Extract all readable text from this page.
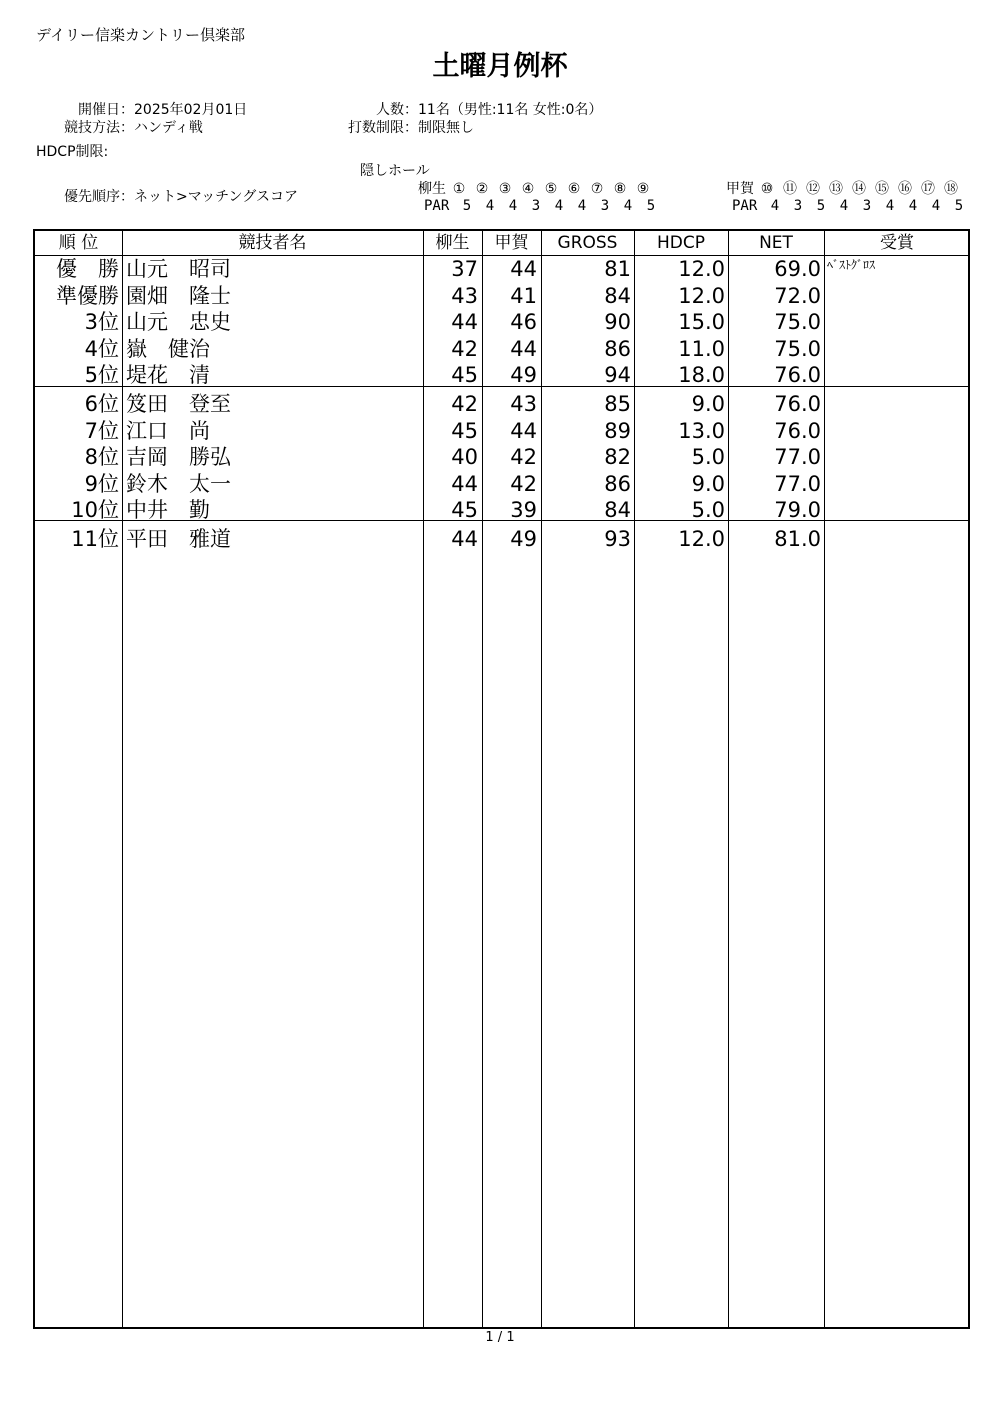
デイリー信楽カントリー倶楽部
土曜月例杯
開催日：2025年02月01日
競技方法：ハンディ戦
HDCP制限:
優先順序：ネット>マッチングスコア
人数：11名（男性:11名 女性:0名）
打数制限：制限無し
隠しホール
柳生 ① ② ③ ④ ⑤ ⑥ ⑦ ⑧ ⑨
PAR 5 4 4 3 4 4 3 4 5
甲賀 ⑩ ⑪ ⑫ ⑬ ⑭ ⑮ ⑯ ⑰ ⑱
PAR 4 3 5 4 3 4 4 4 5
順 位	競技者名	柳生	甲賀	GROSS	HDCP	NET	受賞
優　勝 山元　昭司	37	44	81	12.0	69.0 ﾍﾞｽﾄｸﾞﾛｽ
準優勝 園畑　隆士	43	41	84	12.0	72.0
3位 山元　忠史	44	46	90	15.0	75.0
4位 嶽　健治	42	44	86	11.0	75.0
5位 堤花　清	45	49	94	18.0	76.0
6位 笈田　登至	42	43	85	9.0	76.0
7位 江口　尚	45	44	89	13.0	76.0
8位 吉岡　勝弘	40	42	82	5.0	77.0
9位 鈴木　太一	44	42	86	9.0	77.0
10位 中井　勤	45	39	84	5.0	79.0
11位 平田　雅道	44	49	93	12.0	81.0
1 / 1
